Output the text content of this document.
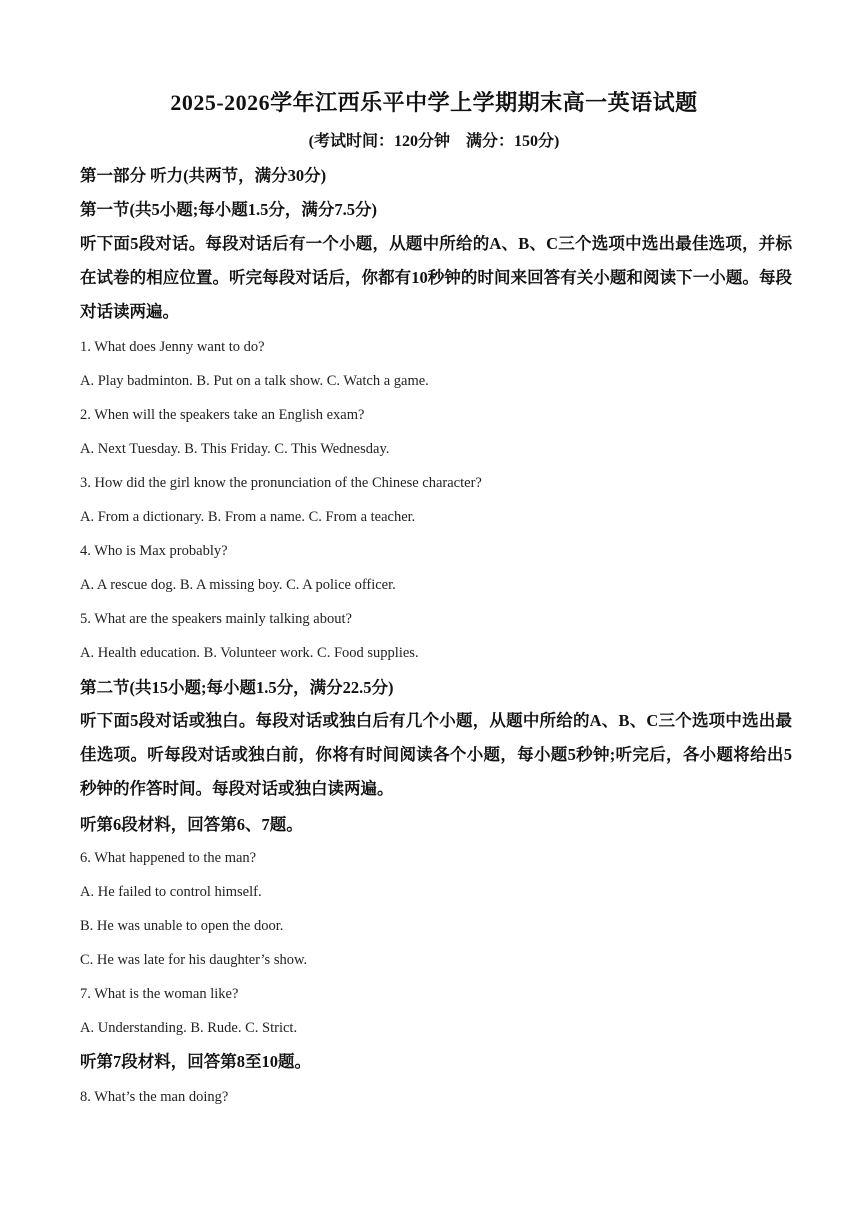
2025-2026学年江西乐平中学上学期期末高一英语试题
(考试时间：120分钟　满分：150分)
第一部分 听力(共两节，满分30分)
第一节(共5小题;每小题1.5分，满分7.5分)
听下面5段对话。每段对话后有一个小题，从题中所给的A、B、C三个选项中选出最佳选项，并标在试卷的相应位置。听完每段对话后，你都有10秒钟的时间来回答有关小题和阅读下一小题。每段对话读两遍。
1. What does Jenny want to do?
A. Play badminton. B. Put on a talk show. C. Watch a game.
2. When will the speakers take an English exam?
A. Next Tuesday. B. This Friday. C. This Wednesday.
3. How did the girl know the pronunciation of the Chinese character?
A. From a dictionary. B. From a name. C. From a teacher.
4. Who is Max probably?
A. A rescue dog. B. A missing boy. C. A police officer.
5. What are the speakers mainly talking about?
A. Health education. B. Volunteer work. C. Food supplies.
第二节(共15小题;每小题1.5分，满分22.5分)
听下面5段对话或独白。每段对话或独白后有几个小题，从题中所给的A、B、C三个选项中选出最佳选项。听每段对话或独白前，你将有时间阅读各个小题，每小题5秒钟;听完后，各小题将给出5秒钟的作答时间。每段对话或独白读两遍。
听第6段材料，回答第6、7题。
6. What happened to the man?
A. He failed to control himself.
B. He was unable to open the door.
C. He was late for his daughter’s show.
7. What is the woman like?
A. Understanding. B. Rude. C. Strict.
听第7段材料，回答第8至10题。
8. What’s the man doing?
